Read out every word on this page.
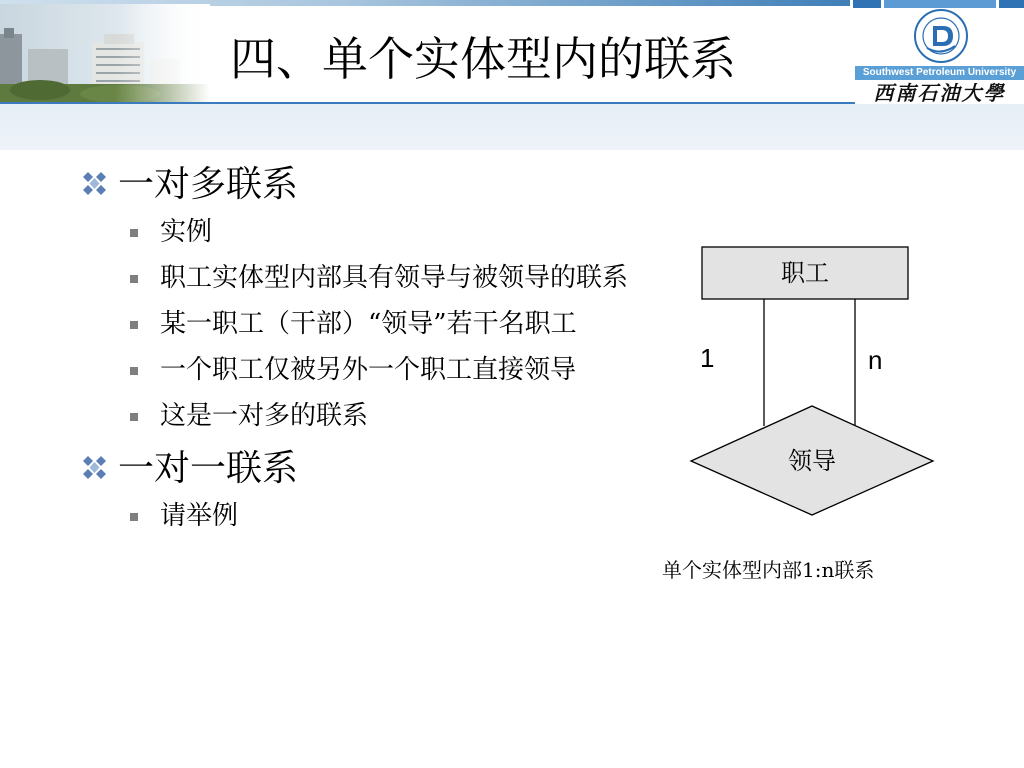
四、单个实体型内的联系	Southwest Petroleum University
西南石油大學
一对多联系
实例
职工实体型内部具有领导与被领导的联系
某一职工（干部）“领导”若干名职工
一个职工仅被另外一个职工直接领导
这是一对多的联系
一对一联系
请举例
职工
领导
1	n
单个实体型内部1:n联系
